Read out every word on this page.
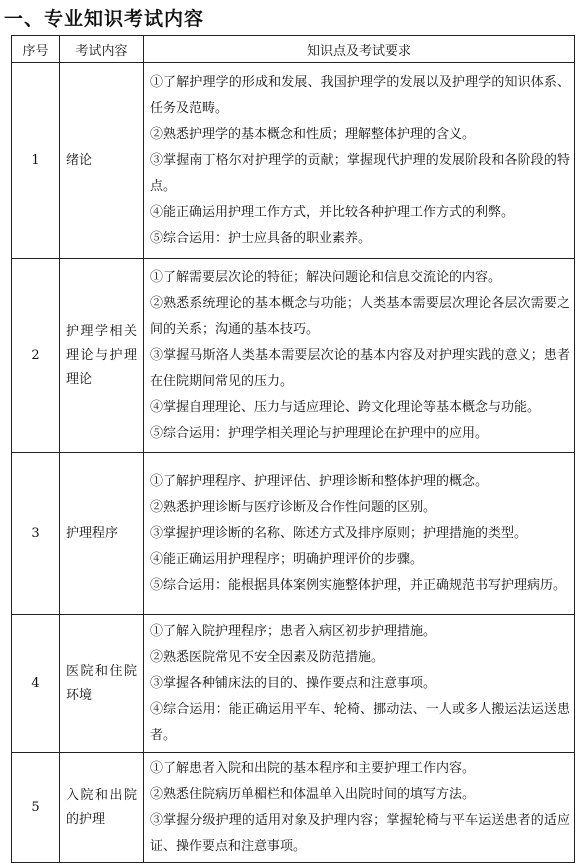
一、专业知识考试内容
序号	考试内容	知识点及考试要求
1	绪论	①了解护理学的形成和发展、我国护理学的发展以及护理学的知识体系、任务及范畴。
②熟悉护理学的基本概念和性质；理解整体护理的含义。
③掌握南丁格尔对护理学的贡献；掌握现代护理的发展阶段和各阶段的特点。
④能正确运用护理工作方式，并比较各种护理工作方式的利弊。
⑤综合运用：护士应具备的职业素养。

2	护理学相关理论与护理理论	①了解需要层次论的特征；解决问题论和信息交流论的内容。
②熟悉系统理论的基本概念与功能；人类基本需要层次理论各层次需要之间的关系；沟通的基本技巧。
③掌握马斯洛人类基本需要层次论的基本内容及对护理实践的意义；患者在住院期间常见的压力。
④掌握自理理论、压力与适应理论、跨文化理论等基本概念与功能。
⑤综合运用：护理学相关理论与护理理论在护理中的应用。

3	护理程序	①了解护理程序、护理评估、护理诊断和整体护理的概念。
②熟悉护理诊断与医疗诊断及合作性问题的区别。
③掌握护理诊断的名称、陈述方式及排序原则；护理措施的类型。
④能正确运用护理程序；明确护理评价的步骤。
⑤综合运用：能根据具体案例实施整体护理，并正确规范书写护理病历。

4	医院和住院环境	①了解入院护理程序；患者入病区初步护理措施。
②熟悉医院常见不安全因素及防范措施。
③掌握各种铺床法的目的、操作要点和注意事项。
④综合运用：能正确运用平车、轮椅、挪动法、一人或多人搬运法运送患者。

5	入院和出院的护理	①了解患者入院和出院的基本程序和主要护理工作内容。
②熟悉住院病历单楣栏和体温单入出院时间的填写方法。
③掌握分级护理的适用对象及护理内容；掌握轮椅与平车运送患者的适应证、操作要点和注意事项。
